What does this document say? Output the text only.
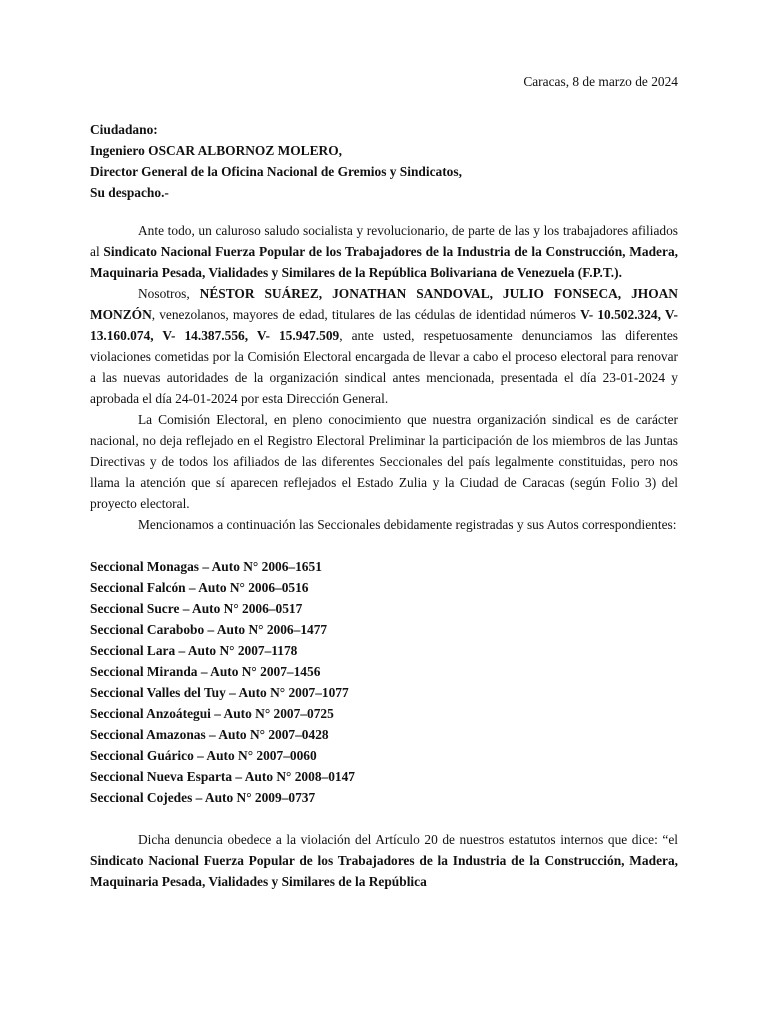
Caracas, 8 de marzo de 2024
Ciudadano:
Ingeniero OSCAR ALBORNOZ MOLERO,
Director General de la Oficina Nacional de Gremios y Sindicatos,
Su despacho.-

Ante todo, un caluroso saludo socialista y revolucionario, de parte de las y los trabajadores afiliados al Sindicato Nacional Fuerza Popular de los Trabajadores de la Industria de la Construcción, Madera, Maquinaria Pesada, Vialidades y Similares de la República Bolivariana de Venezuela (F.P.T.).

Nosotros, NÉSTOR SUÁREZ, JONATHAN SANDOVAL, JULIO FONSECA, JHOAN MONZÓN, venezolanos, mayores de edad, titulares de las cédulas de identidad números V- 10.502.324, V- 13.160.074, V- 14.387.556, V- 15.947.509, ante usted, respetuosamente denunciamos las diferentes violaciones cometidas por la Comisión Electoral encargada de llevar a cabo el proceso electoral para renovar a las nuevas autoridades de la organización sindical antes mencionada, presentada el día 23-01-2024 y aprobada el día 24-01-2024 por esta Dirección General.

La Comisión Electoral, en pleno conocimiento que nuestra organización sindical es de carácter nacional, no deja reflejado en el Registro Electoral Preliminar la participación de los miembros de las Juntas Directivas y de todos los afiliados de las diferentes Seccionales del país legalmente constituidas, pero nos llama la atención que sí aparecen reflejados el Estado Zulia y la Ciudad de Caracas (según Folio 3) del proyecto electoral.

Mencionamos a continuación las Seccionales debidamente registradas y sus Autos correspondientes:

Seccional Monagas – Auto N° 2006–1651
Seccional Falcón – Auto N° 2006–0516
Seccional Sucre – Auto N° 2006–0517
Seccional Carabobo – Auto N° 2006–1477
Seccional Lara – Auto N° 2007–1178
Seccional Miranda – Auto N° 2007–1456
Seccional Valles del Tuy – Auto N° 2007–1077
Seccional Anzoátegui – Auto N° 2007–0725
Seccional Amazonas – Auto N° 2007–0428
Seccional Guárico – Auto N° 2007–0060
Seccional Nueva Esparta – Auto N° 2008–0147
Seccional Cojedes – Auto N° 2009–0737

Dicha denuncia obedece a la violación del Artículo 20 de nuestros estatutos internos que dice: “el Sindicato Nacional Fuerza Popular de los Trabajadores de la Industria de la Construcción, Madera, Maquinaria Pesada, Vialidades y Similares de la República
